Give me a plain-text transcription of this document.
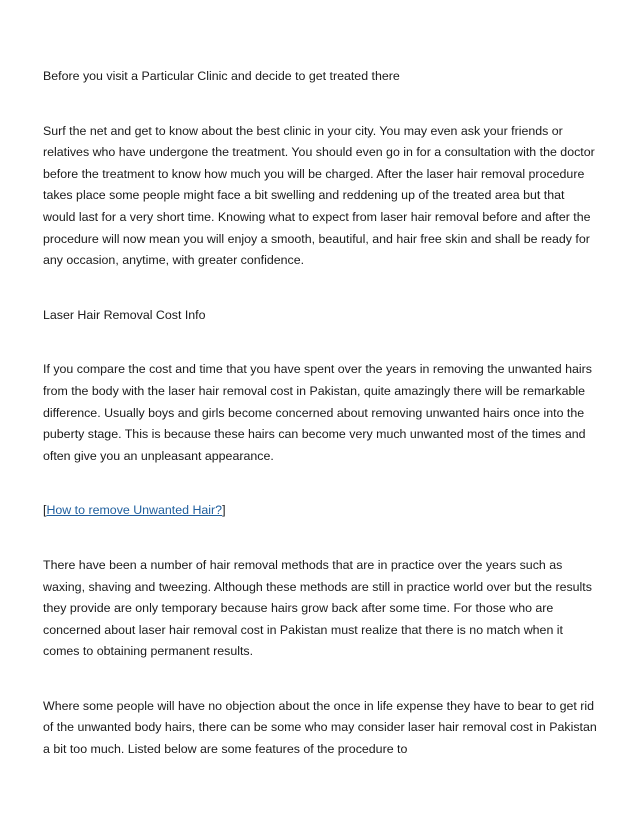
Before you visit a Particular Clinic and decide to get treated there

Surf the net and get to know about the best clinic in your city. You may even ask your friends or relatives who have undergone the treatment. You should even go in for a consultation with the doctor before the treatment to know how much you will be charged. After the laser hair removal procedure takes place some people might face a bit swelling and reddening up of the treated area but that would last for a very short time. Knowing what to expect from laser hair removal before and after the procedure will now mean you will enjoy a smooth, beautiful, and hair free skin and shall be ready for any occasion, anytime, with greater confidence.

Laser Hair Removal Cost Info

If you compare the cost and time that you have spent over the years in removing the unwanted hairs from the body with the laser hair removal cost in Pakistan, quite amazingly there will be remarkable difference. Usually boys and girls become concerned about removing unwanted hairs once into the puberty stage. This is because these hairs can become very much unwanted most of the times and often give you an unpleasant appearance.

[How to remove Unwanted Hair?]

There have been a number of hair removal methods that are in practice over the years such as waxing, shaving and tweezing. Although these methods are still in practice world over but the results they provide are only temporary because hairs grow back after some time. For those who are concerned about laser hair removal cost in Pakistan must realize that there is no match when it comes to obtaining permanent results.

Where some people will have no objection about the once in life expense they have to bear to get rid of the unwanted body hairs, there can be some who may consider laser hair removal cost in Pakistan a bit too much. Listed below are some features of the procedure to
